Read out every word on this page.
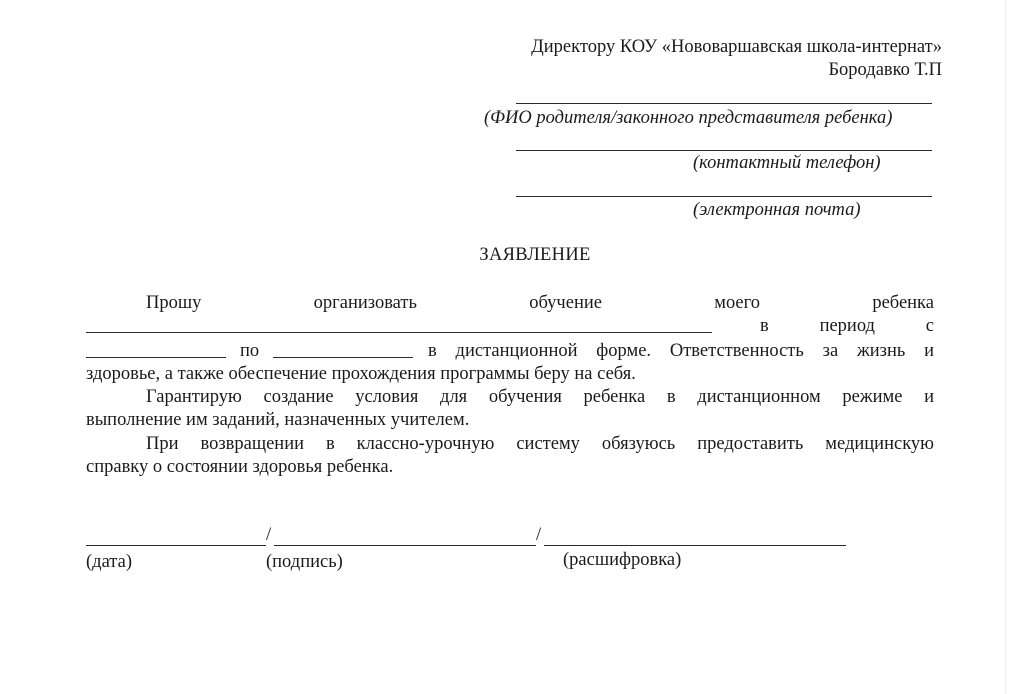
Директору КОУ «Нововаршавская школа-интернат»
Бородавко Т.П
(ФИО родителя/законного представителя ребенка)
(контактный телефон)
(электронная почта)
ЗАЯВЛЕНИЕ
Прошу	организовать	обучение	моего	ребенка
в	период	с
по	в дистанционной форме. Ответственность за жизнь и
здоровье, а также обеспечение прохождения программы беру на себя.
Гарантирую создание условия для обучения ребенка в дистанционном режиме и
выполнение им заданий, назначенных учителем.
При возвращении в классно-урочную систему обязуюсь предоставить медицинскую
справку о состоянии здоровья ребенка.
/	/
(дата)	(подпись)	(расшифровка)
